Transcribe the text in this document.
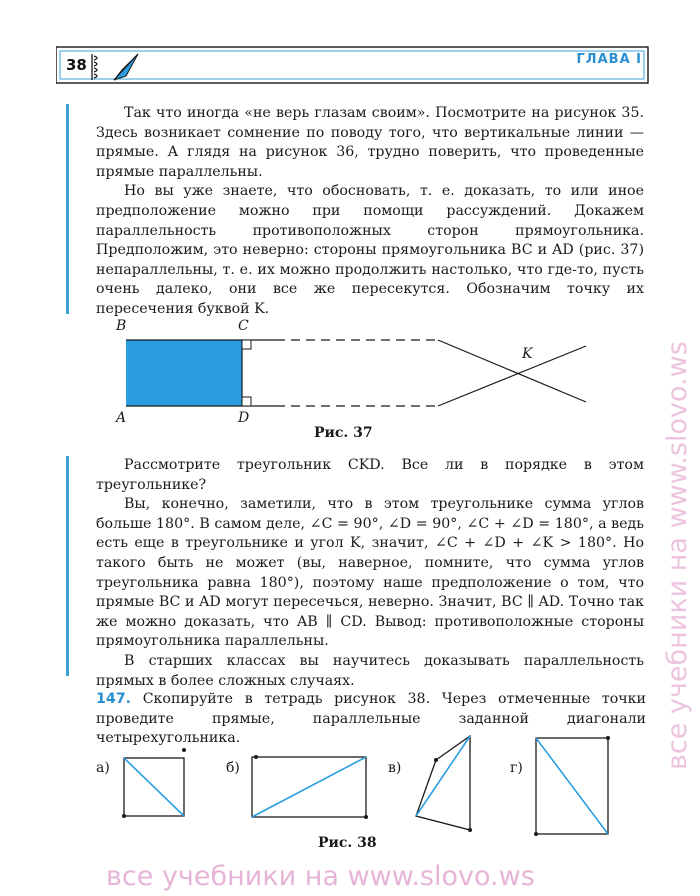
38	ГЛАВА I

Так что иногда «не верь глазам своим». Посмотрите на рисунок 35. Здесь возникает сомнение по поводу того, что вертикальные линии — прямые. А глядя на рисунок 36, трудно поверить, что проведенные прямые параллельны.

Но вы уже знаете, что обосновать, т. е. доказать, то или иное предположение можно при помощи рассуждений. Докажем параллельность противоположных сторон прямоугольника. Предположим, это неверно: стороны прямоугольника BC и AD (рис. 37) непараллельны, т. е. их можно продолжить настолько, что где-то, пусть очень далеко, они все же пересекутся. Обозначим точку их пересечения буквой K.

B	C
A	D
K
Рис. 37

Рассмотрите треугольник CKD. Все ли в порядке в этом треугольнике?

Вы, конечно, заметили, что в этом треугольнике сумма углов больше 180°. В самом деле, ∠C = 90°, ∠D = 90°, ∠C + ∠D = 180°, а ведь есть еще в треугольнике и угол K, значит, ∠C + ∠D + ∠K > 180°. Но такого быть не может (вы, наверное, помните, что сумма углов треугольника равна 180°), поэтому наше предположение о том, что прямые BC и AD могут пересечься, неверно. Значит, BC ∥ AD. Точно так же можно доказать, что AB ∥ CD. Вывод: противоположные стороны прямоугольника параллельны.

В старших классах вы научитесь доказывать параллельность прямых в более сложных случаях.

147. Скопируйте в тетрадь рисунок 38. Через отмеченные точки проведите прямые, параллельные заданной диагонали четырехугольника.
а)	б)	в)	г)
Рис. 38
все учебники на www.slovo.ws
все учебники на www.slovo.ws
